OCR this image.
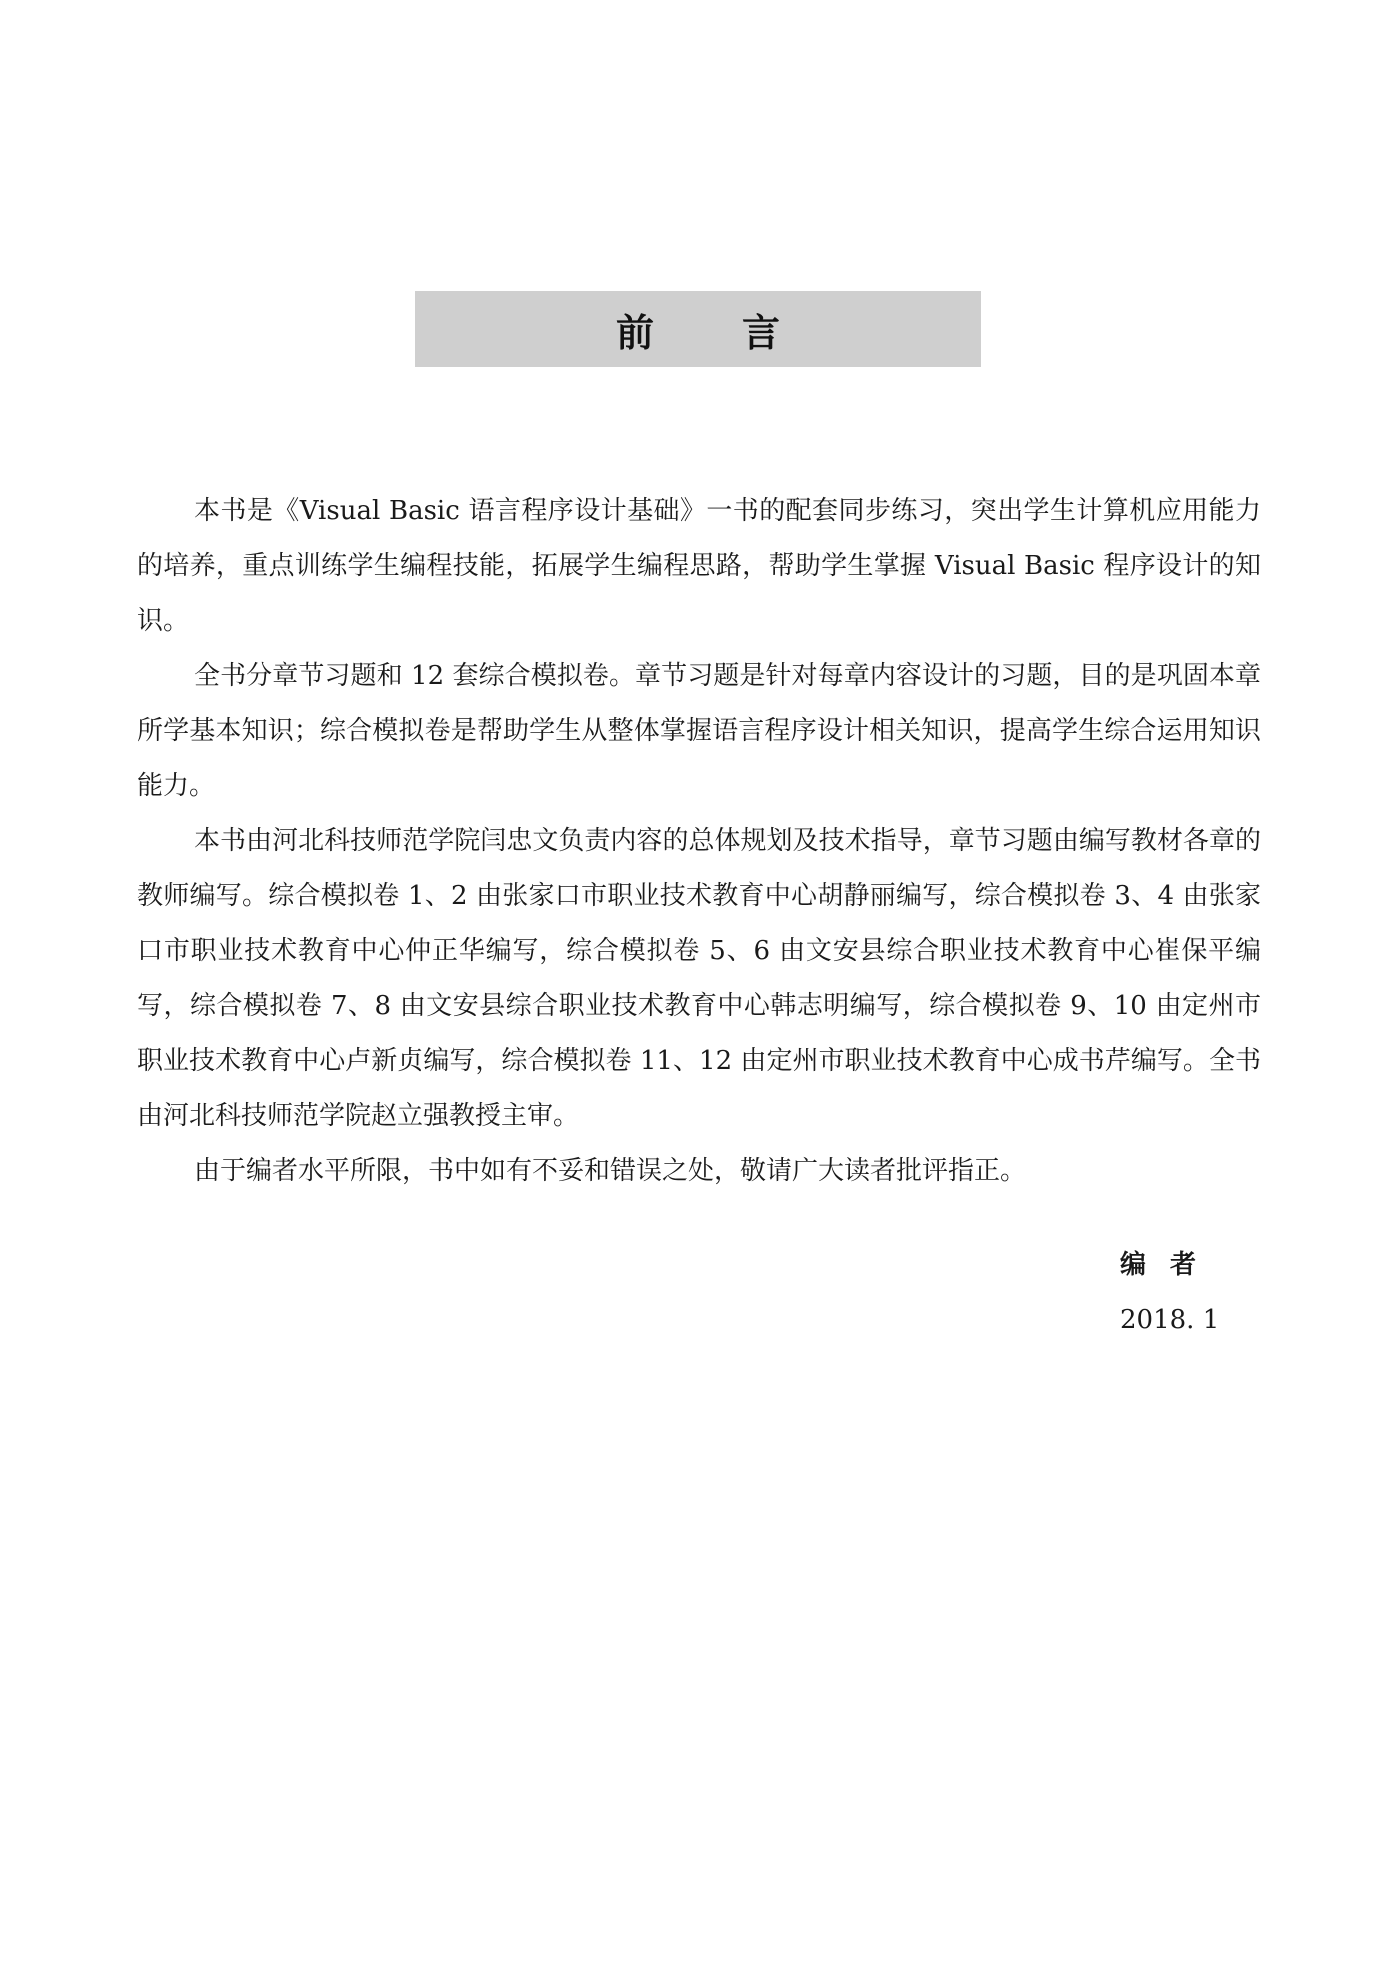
前言

本书是《Visual Basic 语言程序设计基础》一书的配套同步练习，突出学生计算机应用能力的培养，重点训练学生编程技能，拓展学生编程思路，帮助学生掌握 Visual Basic 程序设计的知识。

全书分章节习题和 12 套综合模拟卷。章节习题是针对每章内容设计的习题，目的是巩固本章所学基本知识；综合模拟卷是帮助学生从整体掌握语言程序设计相关知识，提高学生综合运用知识能力。

本书由河北科技师范学院闫忠文负责内容的总体规划及技术指导，章节习题由编写教材各章的教师编写。综合模拟卷 1、2 由张家口市职业技术教育中心胡静丽编写，综合模拟卷 3、4 由张家口市职业技术教育中心仲正华编写，综合模拟卷 5、6 由文安县综合职业技术教育中心崔保平编写，综合模拟卷 7、8 由文安县综合职业技术教育中心韩志明编写，综合模拟卷 9、10 由定州市职业技术教育中心卢新贞编写，综合模拟卷 11、12 由定州市职业技术教育中心成书芹编写。全书由河北科技师范学院赵立强教授主审。

由于编者水平所限，书中如有不妥和错误之处，敬请广大读者批评指正。

编者
2018. 1
